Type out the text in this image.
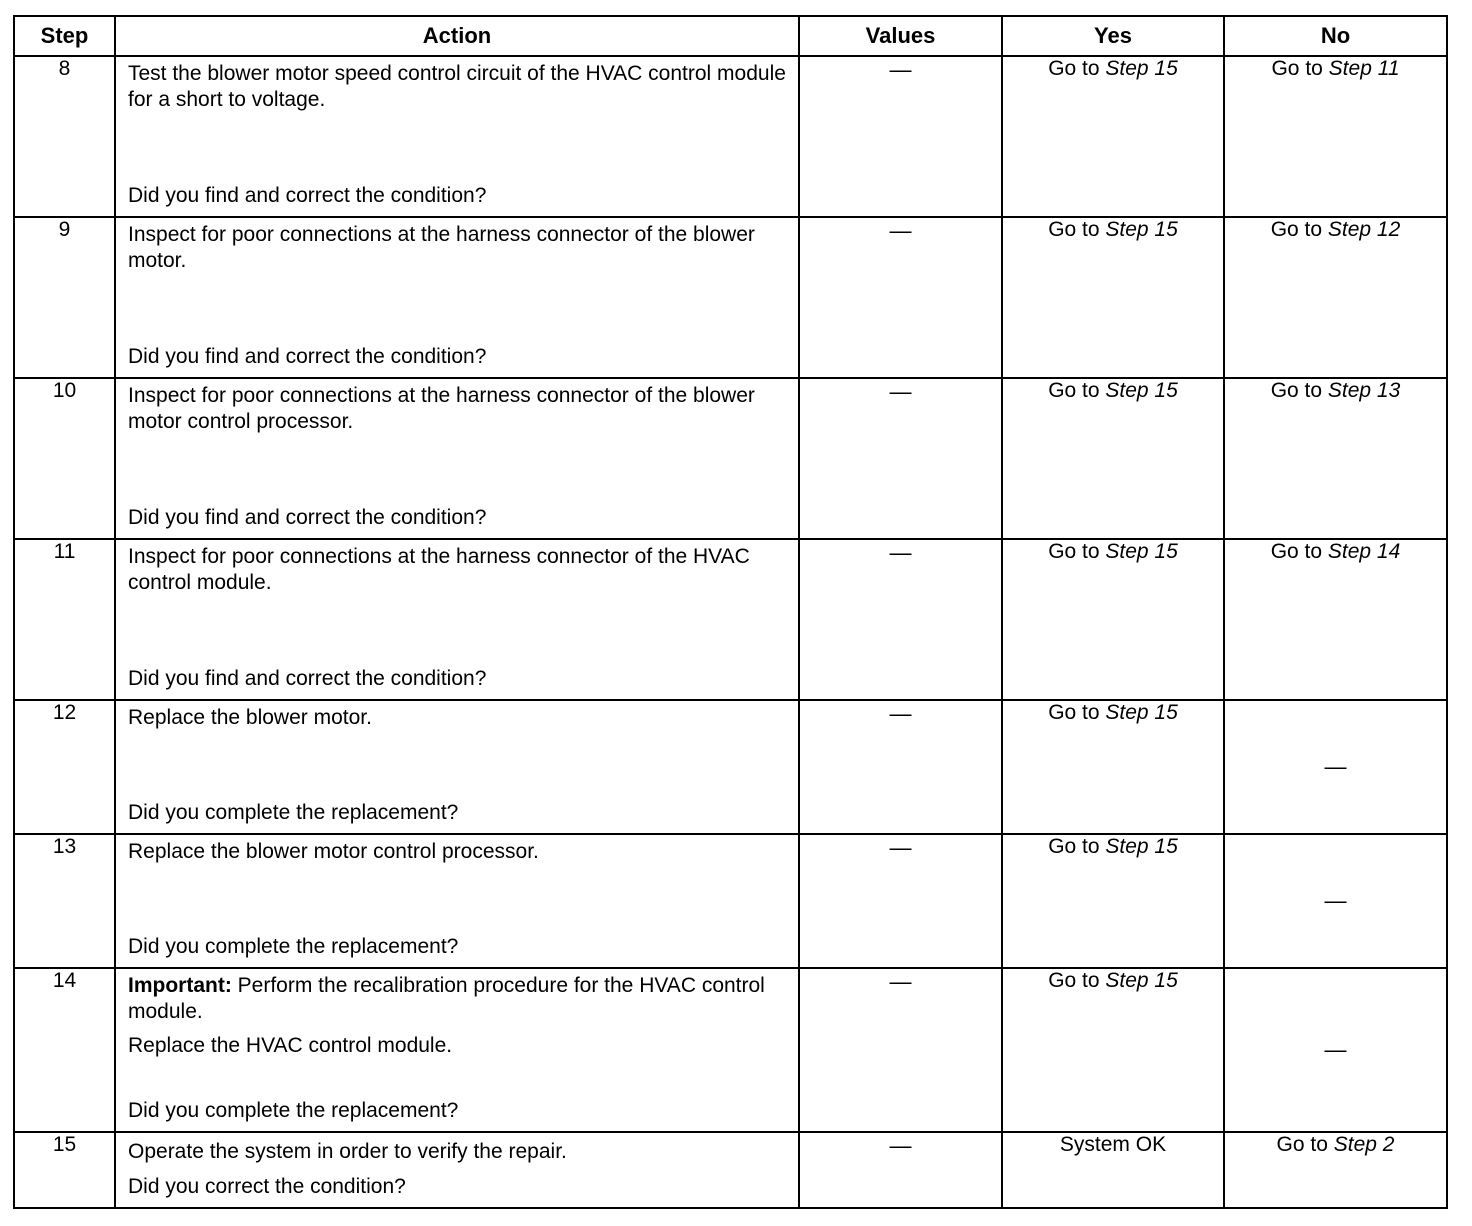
Step	Action	Values	Yes	No
8	Test the blower motor speed control circuit of the HVAC control module for a short to voltage.

Did you find and correct the condition?	—	Go to Step 15	Go to Step 11
9	Inspect for poor connections at the harness connector of the blower motor.

Did you find and correct the condition?	—	Go to Step 15	Go to Step 12
10	Inspect for poor connections at the harness connector of the blower motor control processor.

Did you find and correct the condition?	—	Go to Step 15	Go to Step 13
11	Inspect for poor connections at the harness connector of the HVAC control module.

Did you find and correct the condition?	—	Go to Step 15	Go to Step 14
12	Replace the blower motor.

Did you complete the replacement?	—	Go to Step 15	—
13	Replace the blower motor control processor.

Did you complete the replacement?	—	Go to Step 15	—
14	Important: Perform the recalibration procedure for the HVAC control module.

Replace the HVAC control module.

Did you complete the replacement?	—	Go to Step 15	—
15	Operate the system in order to verify the repair.

Did you correct the condition?	—	System OK	Go to Step 2
